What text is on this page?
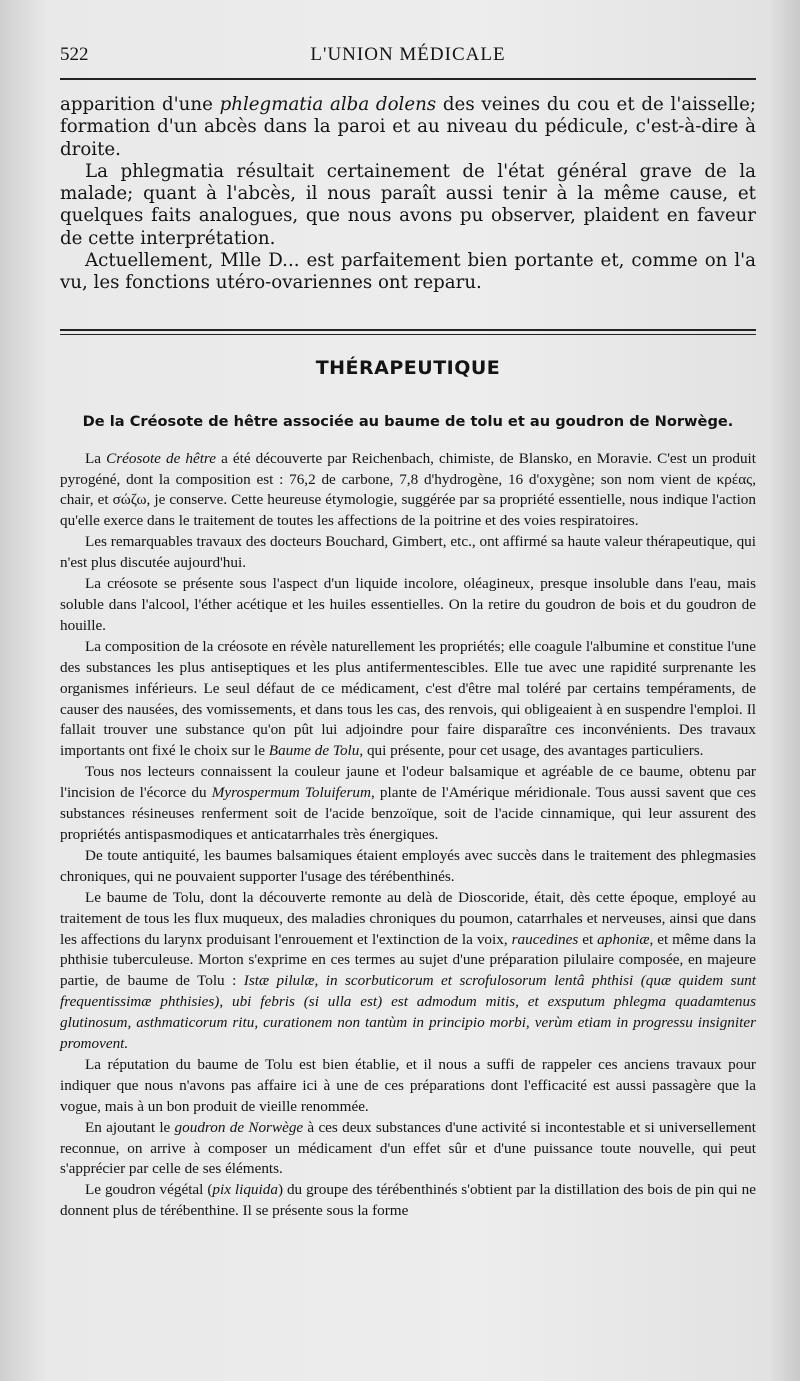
522	L'UNION MÉDICALE

apparition d'une phlegmatia alba dolens des veines du cou et de l'aisselle; formation d'un abcès dans la paroi et au niveau du pédicule, c'est-à-dire à droite.

La phlegmatia résultait certainement de l'état général grave de la malade; quant à l'abcès, il nous paraît aussi tenir à la même cause, et quelques faits analogues, que nous avons pu observer, plaident en faveur de cette interprétation.

Actuellement, Mlle D... est parfaitement bien portante et, comme on l'a vu, les fonctions utéro-ovariennes ont reparu.

THÉRAPEUTIQUE
De la Créosote de hêtre associée au baume de tolu et au goudron de Norwège.

La Créosote de hêtre a été découverte par Reichenbach, chimiste, de Blansko, en Moravie. C'est un produit pyrogéné, dont la composition est : 76,2 de carbone, 7,8 d'hydrogène, 16 d'oxygène; son nom vient de κρέας, chair, et σώζω, je conserve. Cette heureuse étymologie, suggérée par sa propriété essentielle, nous indique l'action qu'elle exerce dans le traitement de toutes les affections de la poitrine et des voies respiratoires.

Les remarquables travaux des docteurs Bouchard, Gimbert, etc., ont affirmé sa haute valeur thérapeutique, qui n'est plus discutée aujourd'hui.

La créosote se présente sous l'aspect d'un liquide incolore, oléagineux, presque insoluble dans l'eau, mais soluble dans l'alcool, l'éther acétique et les huiles essentielles. On la retire du goudron de bois et du goudron de houille.

La composition de la créosote en révèle naturellement les propriétés; elle coagule l'albumine et constitue l'une des substances les plus antiseptiques et les plus antifermentescibles. Elle tue avec une rapidité surprenante les organismes inférieurs. Le seul défaut de ce médicament, c'est d'être mal toléré par certains tempéraments, de causer des nausées, des vomissements, et dans tous les cas, des renvois, qui obligeaient à en suspendre l'emploi. Il fallait trouver une substance qu'on pût lui adjoindre pour faire disparaître ces inconvénients. Des travaux importants ont fixé le choix sur le Baume de Tolu, qui présente, pour cet usage, des avantages particuliers.

Tous nos lecteurs connaissent la couleur jaune et l'odeur balsamique et agréable de ce baume, obtenu par l'incision de l'écorce du Myrospermum Toluiferum, plante de l'Amérique méridionale. Tous aussi savent que ces substances résineuses renferment soit de l'acide benzoïque, soit de l'acide cinnamique, qui leur assurent des propriétés antispasmodiques et anticatarrhales très énergiques.

De toute antiquité, les baumes balsamiques étaient employés avec succès dans le traitement des phlegmasies chroniques, qui ne pouvaient supporter l'usage des térébenthinés.

Le baume de Tolu, dont la découverte remonte au delà de Dioscoride, était, dès cette époque, employé au traitement de tous les flux muqueux, des maladies chroniques du poumon, catarrhales et nerveuses, ainsi que dans les affections du larynx produisant l'enrouement et l'extinction de la voix, raucedines et aphoniæ, et même dans la phthisie tuberculeuse. Morton s'exprime en ces termes au sujet d'une préparation pilulaire composée, en majeure partie, de baume de Tolu : Istæ pilulæ, in scorbuticorum et scrofulosorum lentâ phthisi (quæ quidem sunt frequentissimæ phthisies), ubi febris (si ulla est) est admodum mitis, et exsputum phlegma quadamtenus glutinosum, asthmaticorum ritu, curationem non tantùm in principio morbi, verùm etiam in progressu insigniter promovent.

La réputation du baume de Tolu est bien établie, et il nous a suffi de rappeler ces anciens travaux pour indiquer que nous n'avons pas affaire ici à une de ces préparations dont l'efficacité est aussi passagère que la vogue, mais à un bon produit de vieille renommée.

En ajoutant le goudron de Norwège à ces deux substances d'une activité si incontestable et si universellement reconnue, on arrive à composer un médicament d'un effet sûr et d'une puissance toute nouvelle, qui peut s'apprécier par celle de ses éléments.

Le goudron végétal (pix liquida) du groupe des térébenthinés s'obtient par la distillation des bois de pin qui ne donnent plus de térébenthine. Il se présente sous la forme
